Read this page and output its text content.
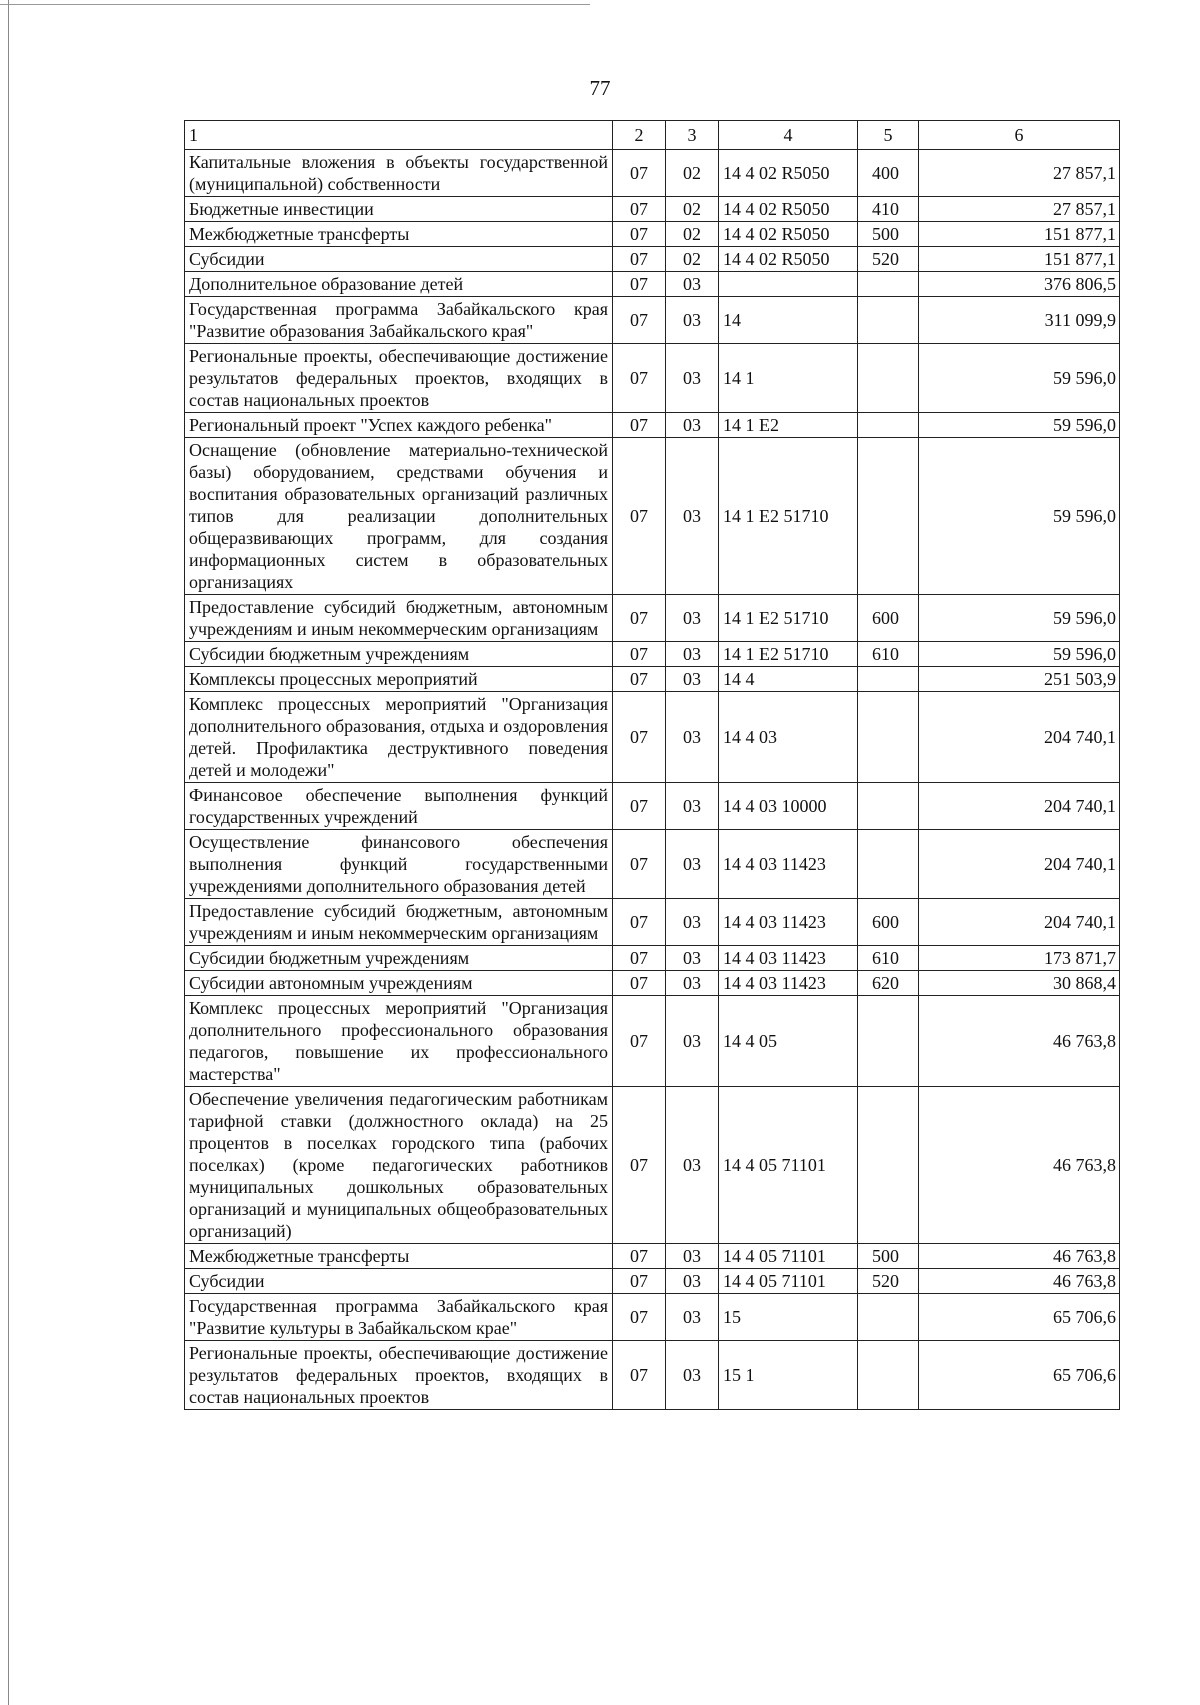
77
1	2	3	4	5	6
Капитальные вложения в объекты государственной (муниципальной) собственности	07	02	14 4 02 R5050	400	27 857,1
Бюджетные инвестиции	07	02	14 4 02 R5050	410	27 857,1
Межбюджетные трансферты	07	02	14 4 02 R5050	500	151 877,1
Субсидии	07	02	14 4 02 R5050	520	151 877,1
Дополнительное образование детей	07	03			376 806,5
Государственная программа Забайкальского края "Развитие образования Забайкальского края"	07	03	14		311 099,9
Региональные проекты, обеспечивающие достижение результатов федеральных проектов, входящих в состав национальных проектов	07	03	14 1		59 596,0
Региональный проект "Успех каждого ребенка"	07	03	14 1 Е2		59 596,0
Оснащение (обновление материально-технической базы) оборудованием, средствами обучения и воспитания образовательных организаций различных типов для реализации дополнительных общеразвивающих программ, для создания информационных систем в образовательных организациях	07	03	14 1 Е2 51710		59 596,0
Предоставление субсидий бюджетным, автономным учреждениям и иным некоммерческим организациям	07	03	14 1 Е2 51710	600	59 596,0
Субсидии бюджетным учреждениям	07	03	14 1 Е2 51710	610	59 596,0
Комплексы процессных мероприятий	07	03	14 4		251 503,9
Комплекс процессных мероприятий "Организация дополнительного образования, отдыха и оздоровления детей. Профилактика деструктивного поведения детей и молодежи"	07	03	14 4 03		204 740,1
Финансовое обеспечение выполнения функций государственных учреждений	07	03	14 4 03 10000		204 740,1
Осуществление финансового обеспечения выполнения функций государственными учреждениями дополнительного образования детей	07	03	14 4 03 11423		204 740,1
Предоставление субсидий бюджетным, автономным учреждениям и иным некоммерческим организациям	07	03	14 4 03 11423	600	204 740,1
Субсидии бюджетным учреждениям	07	03	14 4 03 11423	610	173 871,7
Субсидии автономным учреждениям	07	03	14 4 03 11423	620	30 868,4
Комплекс процессных мероприятий "Организация дополнительного профессионального образования педагогов, повышение их профессионального мастерства"	07	03	14 4 05		46 763,8
Обеспечение увеличения педагогическим работникам тарифной ставки (должностного оклада) на 25 процентов в поселках городского типа (рабочих поселках) (кроме педагогических работников муниципальных дошкольных образовательных организаций и муниципальных общеобразовательных организаций)	07	03	14 4 05 71101		46 763,8
Межбюджетные трансферты	07	03	14 4 05 71101	500	46 763,8
Субсидии	07	03	14 4 05 71101	520	46 763,8
Государственная программа Забайкальского края "Развитие культуры в Забайкальском крае"	07	03	15		65 706,6
Региональные проекты, обеспечивающие достижение результатов федеральных проектов, входящих в состав национальных проектов	07	03	15 1		65 706,6
